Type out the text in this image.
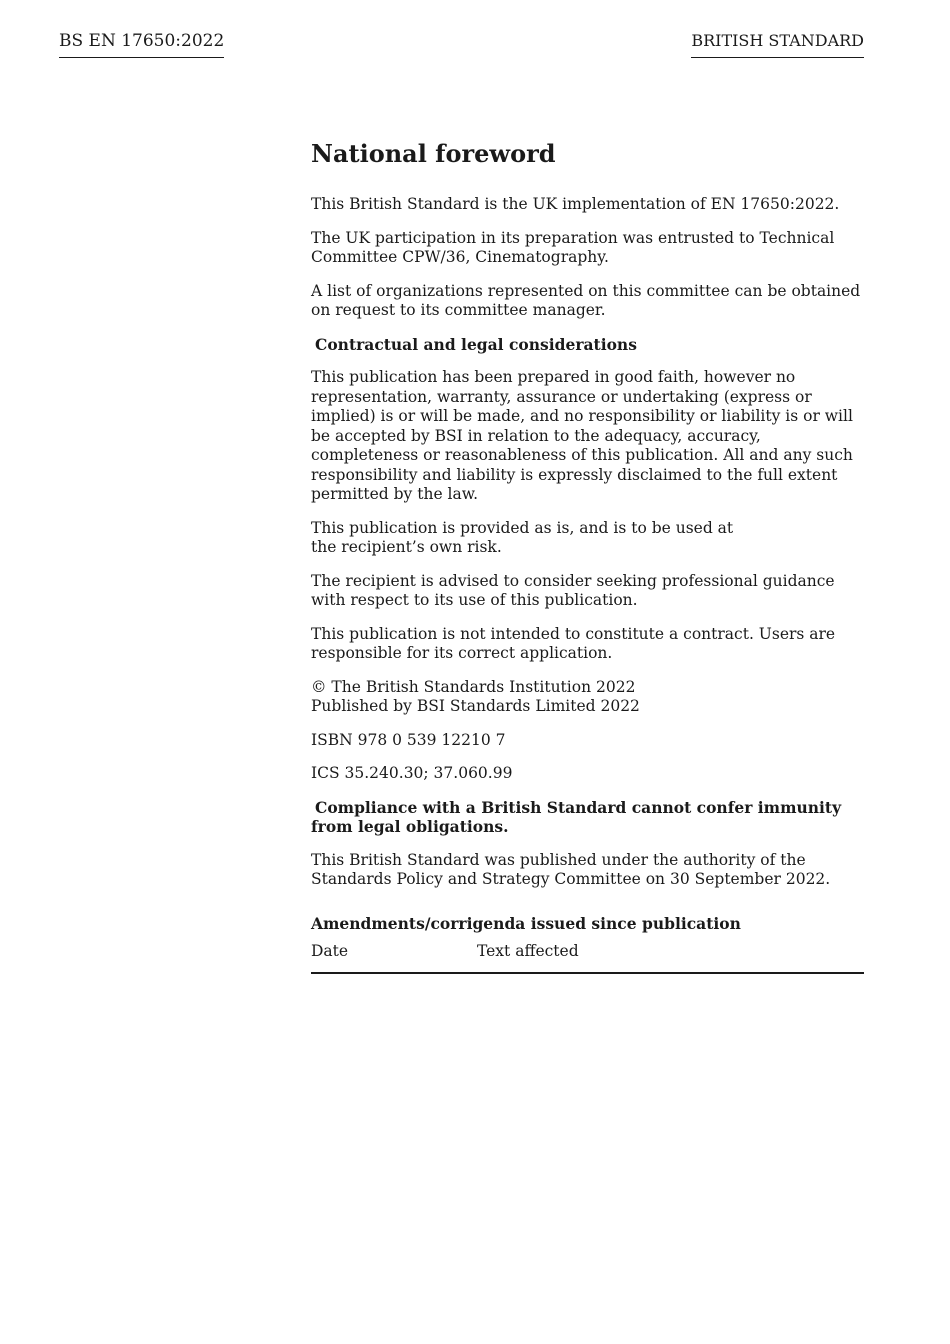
BS EN 17650:2022	BRITISH STANDARD
National foreword

This British Standard is the UK implementation of EN 17650:2022.

The UK participation in its preparation was entrusted to Technical Committee CPW/36, Cinematography.

A list of organizations represented on this committee can be obtained on request to its committee manager.

Contractual and legal considerations

This publication has been prepared in good faith, however no representation, warranty, assurance or undertaking (express or implied) is or will be made, and no responsibility or liability is or will be accepted by BSI in relation to the adequacy, accuracy, completeness or reasonableness of this publication. All and any such responsibility and liability is expressly disclaimed to the full extent permitted by the law.

This publication is provided as is, and is to be used at the recipient’s own risk.

The recipient is advised to consider seeking professional guidance with respect to its use of this publication.

This publication is not intended to constitute a contract. Users are responsible for its correct application.

© The British Standards Institution 2022
Published by BSI Standards Limited 2022

ISBN 978 0 539 12210 7

ICS 35.240.30; 37.060.99

Compliance with a British Standard cannot confer immunity from legal obligations.

This British Standard was published under the authority of the Standards Policy and Strategy Committee on 30 September 2022.

Amendments/corrigenda issued since publication
Date	Text affected
